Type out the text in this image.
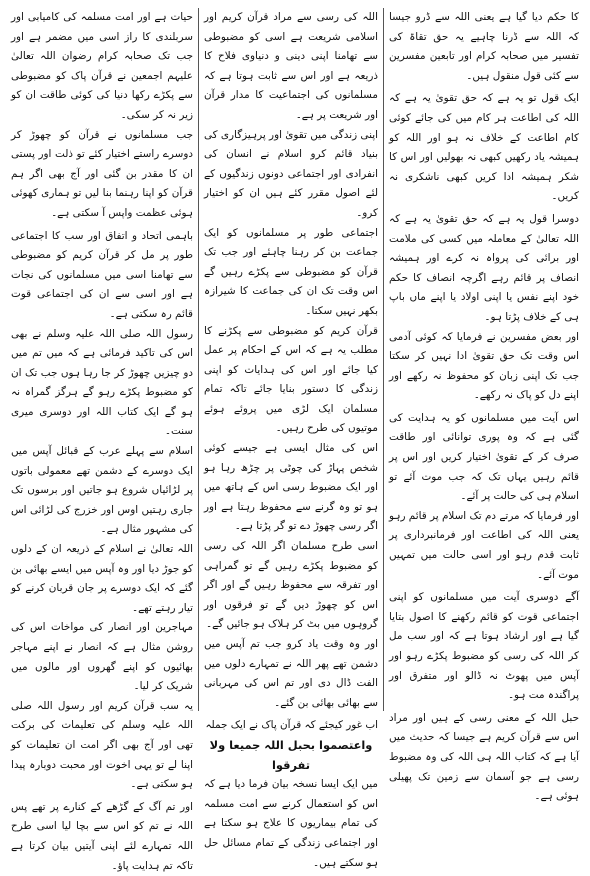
کا حکم دیا گیا ہے یعنی اللہ سے ڈرو جیسا کہ اللہ سے ڈرنا چاہیے یہ حق تقاۃ کی تفسیر میں صحابہ کرام اور تابعین مفسرین سے کئی قول منقول ہیں۔

ایک قول تو یہ ہے کہ حق تقویٰ یہ ہے کہ اللہ کی اطاعت ہر کام میں کی جائے کوئی کام اطاعت کے خلاف نہ ہو اور اللہ کو ہمیشہ یاد رکھیں کبھی نہ بھولیں اور اس کا شکر ہمیشہ ادا کریں کبھی ناشکری نہ کریں۔

دوسرا قول یہ ہے کہ حق تقویٰ یہ ہے کہ اللہ تعالیٰ کے معاملہ میں کسی کی ملامت اور برائی کی پرواہ نہ کرے اور ہمیشہ انصاف پر قائم رہے اگرچہ انصاف کا حکم خود اپنے نفس یا اپنی اولاد یا اپنے ماں باپ ہی کے خلاف پڑتا ہو۔

اور بعض مفسرین نے فرمایا کہ کوئی آدمی اس وقت تک حق تقویٰ ادا نہیں کر سکتا جب تک اپنی زبان کو محفوظ نہ رکھے اور اپنے دل کو پاک نہ رکھے۔

اس آیت میں مسلمانوں کو یہ ہدایت کی گئی ہے کہ وہ پوری توانائی اور طاقت صرف کر کے تقویٰ اختیار کریں اور اس پر قائم رہیں یہاں تک کہ جب موت آئے تو اسلام ہی کی حالت پر آئے۔

اور فرمایا کہ مرتے دم تک اسلام پر قائم رہو یعنی اللہ کی اطاعت اور فرمانبرداری پر ثابت قدم رہو اور اسی حالت میں تمہیں موت آئے۔

آگے دوسری آیت میں مسلمانوں کو اپنی اجتماعی قوت کو قائم رکھنے کا اصول بتایا گیا ہے اور ارشاد ہوتا ہے کہ اور سب مل کر اللہ کی رسی کو مضبوط پکڑے رہو اور آپس میں پھوٹ نہ ڈالو اور متفرق اور پراگندہ مت ہو۔

حبل اللہ کے معنی رسی کے ہیں اور مراد اس سے قرآن کریم ہے جیسا کہ حدیث میں آیا ہے کہ کتاب اللہ ہی اللہ کی وہ مضبوط رسی ہے جو آسمان سے زمین تک پھیلی ہوئی ہے۔

اللہ کی رسی سے مراد قرآن کریم اور اسلامی شریعت ہے اسی کو مضبوطی سے تھامنا اپنی دینی و دنیاوی فلاح کا ذریعہ ہے اور اس سے ثابت ہوتا ہے کہ مسلمانوں کی اجتماعیت کا مدار قرآن اور شریعت پر ہے۔

اپنی زندگی میں تقویٰ اور پرہیزگاری کی بنیاد قائم کرو اسلام نے انسان کی انفرادی اور اجتماعی دونوں زندگیوں کے لئے اصول مقرر کئے ہیں ان کو اختیار کرو۔

اجتماعی طور پر مسلمانوں کو ایک جماعت بن کر رہنا چاہئے اور جب تک قرآن کو مضبوطی سے پکڑے رہیں گے اس وقت تک ان کی جماعت کا شیرازہ بکھر نہیں سکتا۔

قرآن کریم کو مضبوطی سے پکڑنے کا مطلب یہ ہے کہ اس کے احکام پر عمل کیا جائے اور اس کی ہدایات کو اپنی زندگی کا دستور بنایا جائے تاکہ تمام مسلمان ایک لڑی میں پروئے ہوئے موتیوں کی طرح رہیں۔

اس کی مثال ایسی ہے جیسے کوئی شخص پہاڑ کی چوٹی پر چڑھ رہا ہو اور ایک مضبوط رسی اس کے ہاتھ میں ہو تو وہ گرنے سے محفوظ رہتا ہے اور اگر رسی چھوڑ دے تو گر پڑتا ہے۔

اسی طرح مسلمان اگر اللہ کی رسی کو مضبوط پکڑے رہیں گے تو گمراہی اور تفرقہ سے محفوظ رہیں گے اور اگر اس کو چھوڑ دیں گے تو فرقوں اور گروہوں میں بٹ کر ہلاک ہو جائیں گے۔

اور وہ وقت یاد کرو جب تم آپس میں دشمن تھے پھر اللہ نے تمہارے دلوں میں الفت ڈال دی اور تم اس کی مہربانی سے بھائی بھائی بن گئے۔

اب غور کیجئے کہ قرآن پاک نے ایک جملہ

واعتصموا بحبل اللہ جمیعا ولا تفرقوا

میں ایک ایسا نسخہ بیان فرما دیا ہے کہ اس کو استعمال کرنے سے امت مسلمہ کی تمام بیماریوں کا علاج ہو سکتا ہے اور اجتماعی زندگی کے تمام مسائل حل ہو سکتے ہیں۔

حیات ہے اور امت مسلمہ کی کامیابی اور سربلندی کا راز اسی میں مضمر ہے اور جب تک صحابہ کرام رضوان اللہ تعالیٰ علیہم اجمعین نے قرآن پاک کو مضبوطی سے پکڑے رکھا دنیا کی کوئی طاقت ان کو زیر نہ کر سکی۔

جب مسلمانوں نے قرآن کو چھوڑ کر دوسرے راستے اختیار کئے تو ذلت اور پستی ان کا مقدر بن گئی اور آج بھی اگر ہم قرآن کو اپنا رہنما بنا لیں تو ہماری کھوئی ہوئی عظمت واپس آ سکتی ہے۔

باہمی اتحاد و اتفاق اور سب کا اجتماعی طور پر مل کر قرآن کریم کو مضبوطی سے تھامنا اسی میں مسلمانوں کی نجات ہے اور اسی سے ان کی اجتماعی قوت قائم رہ سکتی ہے۔

رسول اللہ صلی اللہ علیہ وسلم نے بھی اس کی تاکید فرمائی ہے کہ میں تم میں دو چیزیں چھوڑ کر جا رہا ہوں جب تک ان کو مضبوط پکڑے رہو گے ہرگز گمراہ نہ ہو گے ایک کتاب اللہ اور دوسری میری سنت۔

اسلام سے پہلے عرب کے قبائل آپس میں ایک دوسرے کے دشمن تھے معمولی باتوں پر لڑائیاں شروع ہو جاتیں اور برسوں تک جاری رہتیں اوس اور خزرج کی لڑائی اس کی مشہور مثال ہے۔

اللہ تعالیٰ نے اسلام کے ذریعہ ان کے دلوں کو جوڑ دیا اور وہ آپس میں ایسے بھائی بن گئے کہ ایک دوسرے پر جان قربان کرنے کو تیار رہتے تھے۔

مہاجرین اور انصار کی مواخات اس کی روشن مثال ہے کہ انصار نے اپنے مہاجر بھائیوں کو اپنے گھروں اور مالوں میں شریک کر لیا۔

یہ سب قرآن کریم اور رسول اللہ صلی اللہ علیہ وسلم کی تعلیمات کی برکت تھی اور آج بھی اگر امت ان تعلیمات کو اپنا لے تو یہی اخوت اور محبت دوبارہ پیدا ہو سکتی ہے۔

اور تم آگ کے گڑھے کے کنارے پر تھے پس اللہ نے تم کو اس سے بچا لیا اسی طرح اللہ تمہارے لئے اپنی آیتیں بیان کرتا ہے تاکہ تم ہدایت پاؤ۔
